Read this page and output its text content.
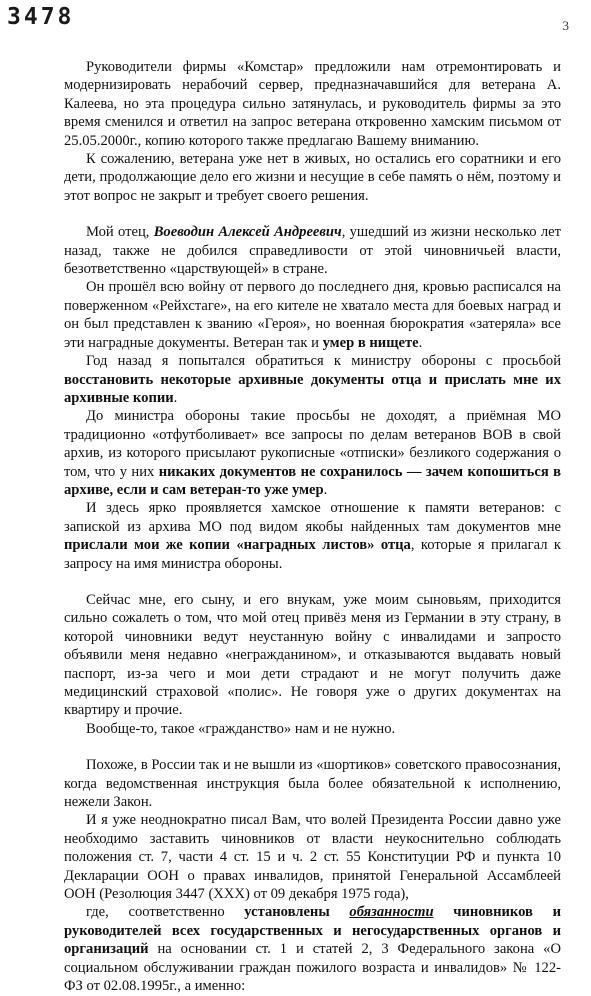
3478	3

Руководители фирмы «Комстар» предложили нам отремонтировать и модернизировать нерабочий сервер, предназначавшийся для ветерана А. Калеева, но эта процедура сильно затянулась, и руководитель фирмы за это время сменился и ответил на запрос ветерана откровенно хамским письмом от 25.05.2000г., копию которого также предлагаю Вашему вниманию.

К сожалению, ветерана уже нет в живых, но остались его соратники и его дети, продолжающие дело его жизни и несущие в себе память о нём, поэтому и этот вопрос не закрыт и требует своего решения.

Мой отец, Воеводин Алексей Андреевич, ушедший из жизни несколько лет назад, также не добился справедливости от этой чиновничьей власти, безответственно «царствующей» в стране.

Он прошёл всю войну от первого до последнего дня, кровью расписался на поверженном «Рейхстаге», на его кителе не хватало места для боевых наград и он был представлен к званию «Героя», но военная бюрократия «затеряла» все эти наградные документы. Ветеран так и умер в нищете.

Год назад я попытался обратиться к министру обороны с просьбой восстановить некоторые архивные документы отца и прислать мне их архивные копии.

До министра обороны такие просьбы не доходят, а приёмная МО традиционно «отфутболивает» все запросы по делам ветеранов ВОВ в свой архив, из которого присылают рукописные «отписки» безликого содержания о том, что у них никаких документов не сохранилось — зачем копошиться в архиве, если и сам ветеран-то уже умер.

И здесь ярко проявляется хамское отношение к памяти ветеранов: с запиской из архива МО под видом якобы найденных там документов мне прислали мои же копии «наградных листов» отца, которые я прилагал к запросу на имя министра обороны.

Сейчас мне, его сыну, и его внукам, уже моим сыновьям, приходится сильно сожалеть о том, что мой отец привёз меня из Германии в эту страну, в которой чиновники ведут неустанную войну с инвалидами и запросто объявили меня недавно «негражданином», и отказываются выдавать новый паспорт, из-за чего и мои дети страдают и не могут получить даже медицинский страховой «полис». Не говоря уже о других документах на квартиру и прочие.

Вообще-то, такое «гражданство» нам и не нужно.

Похоже, в России так и не вышли из «шортиков» советского правосознания, когда ведомственная инструкция была более обязательной к исполнению, нежели Закон.

И я уже неоднократно писал Вам, что волей Президента России давно уже необходимо заставить чиновников от власти неукоснительно соблюдать положения ст. 7, части 4 ст. 15 и ч. 2 ст. 55 Конституции РФ и пункта 10 Декларации ООН о правах инвалидов, принятой Генеральной Ассамблеей ООН (Резолюция 3447 (XXX) от 09 декабря 1975 года),

где, соответственно установлены обязанности чиновников и руководителей всех государственных и негосударственных органов и организаций на основании ст. 1 и статей 2, 3 Федерального закона «О социальном обслуживании граждан пожилого возраста и инвалидов» № 122-ФЗ от 02.08.1995г., а именно:
